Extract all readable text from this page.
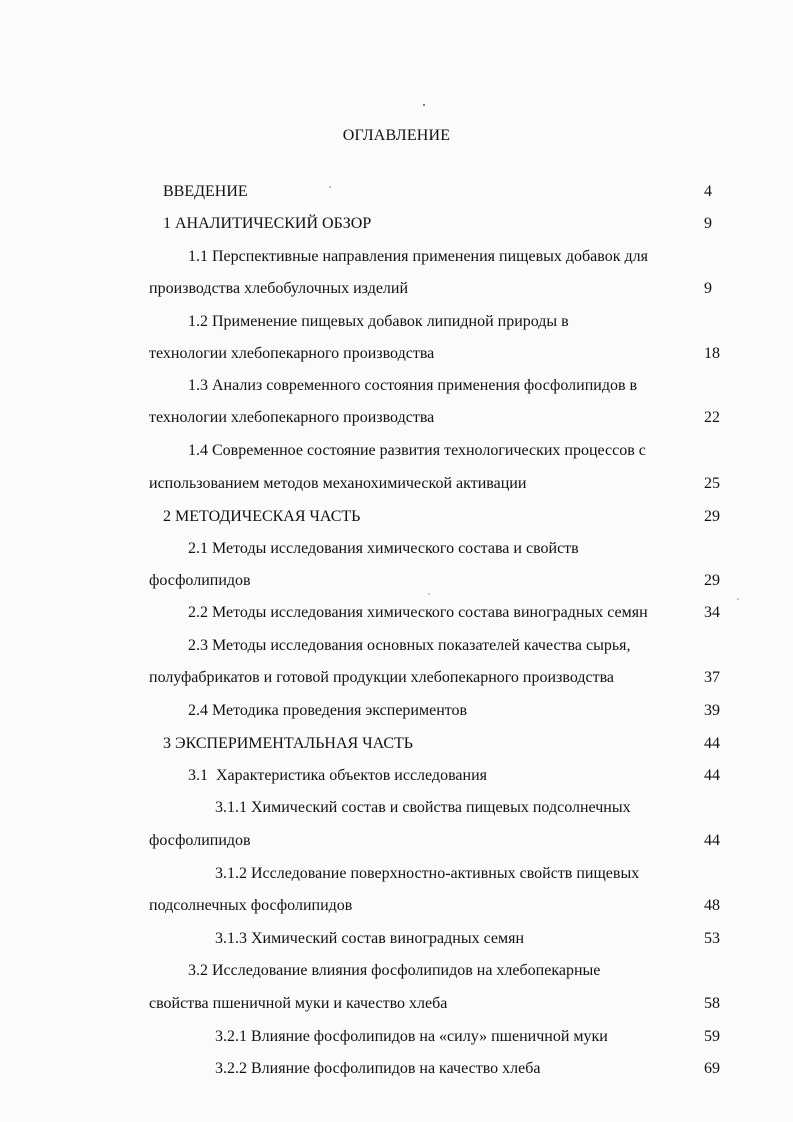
ОГЛАВЛЕНИЕ
ВВЕДЕНИЕ	4
1 АНАЛИТИЧЕСКИЙ ОБЗОР	9
1.1 Перспективные направления применения пищевых добавок для
производства хлебобулочных изделий	9
1.2 Применение пищевых добавок липидной природы в
технологии хлебопекарного производства	18
1.3 Анализ современного состояния применения фосфолипидов в
технологии хлебопекарного производства	22
1.4 Современное состояние развития технологических процессов с
использованием методов механохимической активации	25
2 МЕТОДИЧЕСКАЯ ЧАСТЬ	29
2.1 Методы исследования химического состава и свойств
фосфолипидов	29
2.2 Методы исследования химического состава виноградных семян	34
2.3 Методы исследования основных показателей качества сырья,
полуфабрикатов и готовой продукции хлебопекарного производства	37
2.4 Методика проведения экспериментов	39
3 ЭКСПЕРИМЕНТАЛЬНАЯ ЧАСТЬ	44
3.1  Характеристика объектов исследования	44
3.1.1 Химический состав и свойства пищевых подсолнечных
фосфолипидов	44
3.1.2 Исследование поверхностно-активных свойств пищевых
подсолнечных фосфолипидов	48
3.1.3 Химический состав виноградных семян	53
3.2 Исследование влияния фосфолипидов на хлебопекарные
свойства пшеничной муки и качество хлеба	58
3.2.1 Влияние фосфолипидов на «силу» пшеничной муки	59
3.2.2 Влияние фосфолипидов на качество хлеба	69
